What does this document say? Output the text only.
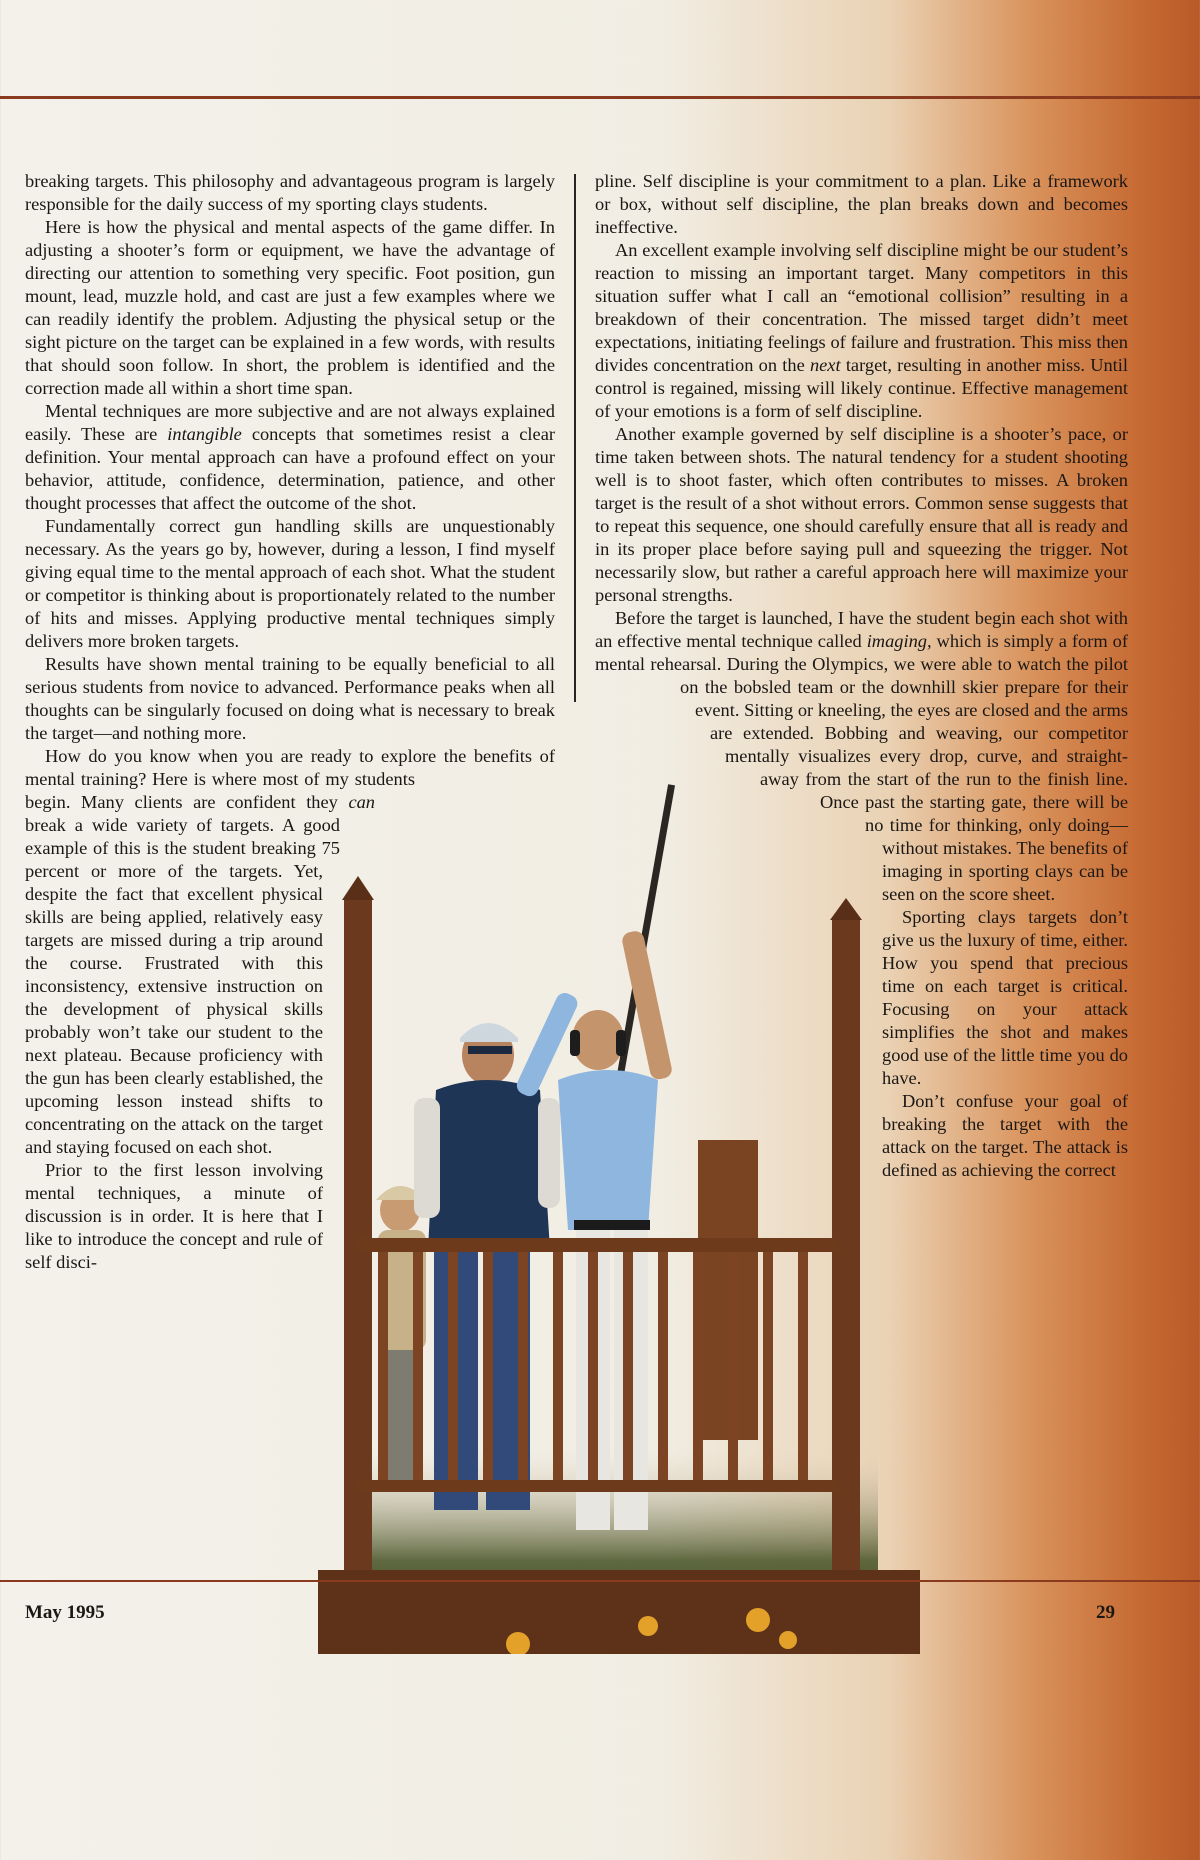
breaking targets. This philosophy and advantageous program is largely responsible for the daily success of my sporting clays students.

Here is how the physical and mental aspects of the game differ. In adjusting a shooter’s form or equipment, we have the advantage of directing our attention to something very specific. Foot position, gun mount, lead, muzzle hold, and cast are just a few examples where we can readily identify the problem. Adjusting the physical setup or the sight picture on the target can be explained in a few words, with results that should soon follow. In short, the problem is identified and the correction made all within a short time span.

Mental techniques are more subjective and are not always explained easily. These are intangible concepts that sometimes resist a clear definition. Your mental approach can have a profound effect on your behavior, attitude, confidence, determination, patience, and other thought processes that affect the outcome of the shot.

Fundamentally correct gun handling skills are unquestionably necessary. As the years go by, however, during a lesson, I find myself giving equal time to the mental approach of each shot. What the student or competitor is thinking about is proportionately related to the number of hits and misses. Applying productive mental techniques simply delivers more broken targets.

Results have shown mental training to be equally beneficial to all serious students from novice to advanced. Performance peaks when all thoughts can be singularly focused on doing what is necessary to break the target—and nothing more.

How do you know when you are ready to explore the benefits of mental training? Here is where most of my students begin. Many clients are confident they can break a wide variety of targets. A good example of this is the student breaking 75 percent or more of the targets. Yet, despite the fact that excellent physical skills are being applied, relatively easy targets are missed during a trip around the course. Frustrated with this inconsistency, extensive instruction on the development of physical skills probably won’t take our student to the next plateau. Because proficiency with the gun has been clearly established, the upcoming lesson instead shifts to concentrating on the attack on the target and staying focused on each shot.

Prior to the first lesson involving mental techniques, a minute of discussion is in order. It is here that I like to introduce the concept and rule of self disci-

pline. Self discipline is your commitment to a plan. Like a framework or box, without self discipline, the plan breaks down and becomes ineffective.

An excellent example involving self discipline might be our student’s reaction to missing an important target. Many competitors in this situation suffer what I call an “emotional collision” resulting in a breakdown of their concentration. The missed target didn’t meet expectations, initiating feelings of failure and frustration. This miss then divides concentration on the next target, resulting in another miss. Until control is regained, missing will likely continue. Effective management of your emotions is a form of self discipline.

Another example governed by self discipline is a shooter’s pace, or time taken between shots. The natural tendency for a student shooting well is to shoot faster, which often contributes to misses. A broken target is the result of a shot without errors. Common sense suggests that to repeat this sequence, one should carefully ensure that all is ready and in its proper place before saying pull and squeezing the trigger. Not necessarily slow, but rather a careful approach here will maximize your personal strengths.

Before the target is launched, I have the student begin each shot with an effective mental technique called imaging, which is simply a form of mental rehearsal. During the Olympics, we were able to watch the pilot on the bobsled team or the downhill skier prepare for their event. Sitting or kneeling, the eyes are closed and the arms are extended. Bobbing and weaving, our competitor mentally visualizes every drop, curve, and straight-away from the start of the run to the finish line. Once past the starting gate, there will be no time for thinking, only doing—without mistakes. The benefits of imaging in sporting clays can be seen on the score sheet.

Sporting clays targets don’t give us the luxury of time, either. How you spend that precious time on each target is critical. Focusing on your attack simplifies the shot and makes good use of the little time you do have.

Don’t confuse your goal of breaking the target with the attack on the target. The attack is defined as achieving the correct

May 1995	29
